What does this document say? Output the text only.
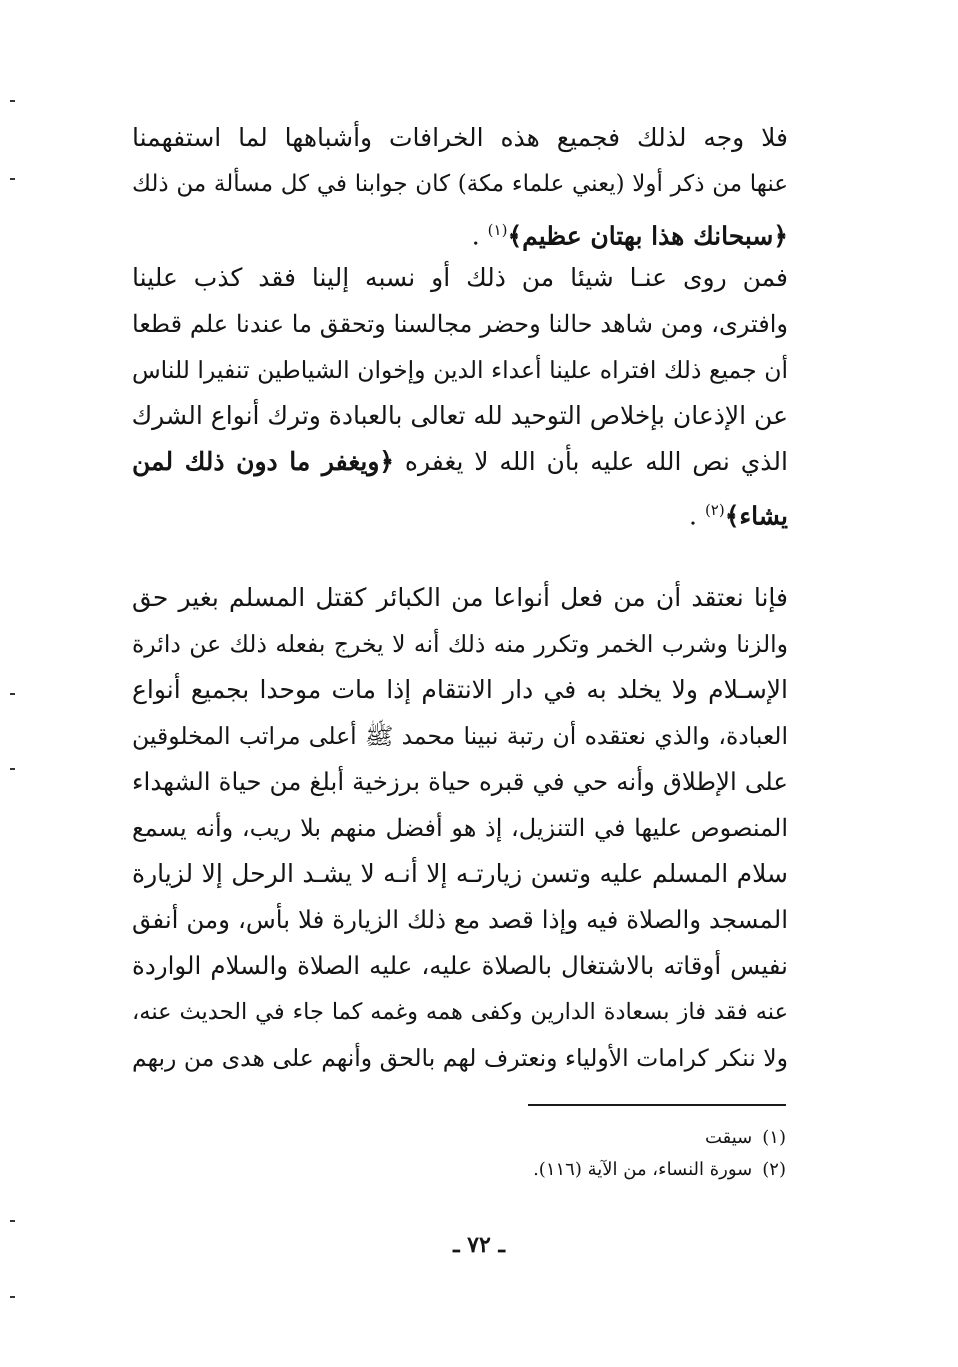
فلا وجه لذلك فجميع هذه الخرافات وأشباهها لما استفهمنا
عنها من ذكر أولا (يعني علماء مكة) كان جوابنا في كل مسألة من ذلك
﴿سبحانك هذا بهتان عظيم﴾$^{(١)}$ .
فمن روى عنـا شيئا من ذلك أو نسبه إلينا فقد كذب علينا
وافترى، ومن شاهد حالنا وحضر مجالسنا وتحقق ما عندنا علم قطعا
أن جميع ذلك افتراه علينا أعداء الدين وإخوان الشياطين تنفيرا للناس
عن الإذعان بإخلاص التوحيد لله تعالى بالعبادة وترك أنواع الشرك
الذي نص الله عليه بأن الله لا يغفره ﴿ويغفر ما دون ذلك لمن
يشاء﴾$^{(٢)}$ .
فإنا نعتقد أن من فعل أنواعا من الكبائر كقتل المسلم بغير حق
والزنا وشرب الخمر وتكرر منه ذلك أنه لا يخرج بفعله ذلك عن دائرة
الإسـلام ولا يخلد به في دار الانتقام إذا مات موحدا بجميع أنواع
العبادة، والذي نعتقده أن رتبة نبينا محمد ﷺ أعلى مراتب المخلوقين
على الإطلاق وأنه حي في قبره حياة برزخية أبلغ من حياة الشهداء
المنصوص عليها في التنزيل، إذ هو أفضل منهم بلا ريب، وأنه يسمع
سلام المسلم عليه وتسن زيارتـه إلا أنـه لا يشـد الرحل إلا لزيارة
المسجد والصلاة فيه وإذا قصد مع ذلك الزيارة فلا بأس، ومن أنفق
نفيس أوقاته بالاشتغال بالصلاة عليه، عليه الصلاة والسلام الواردة
عنه فقد فاز بسعادة الدارين وكفى همه وغمه كما جاء في الحديث عنه،
ولا ننكر كرامات الأولياء ونعترف لهم بالحق وأنهم على هدى من ربهم
(١)سيقت
(٢)سورة النساء، من الآية (١١٦).
ـ ٧٢ ـ
